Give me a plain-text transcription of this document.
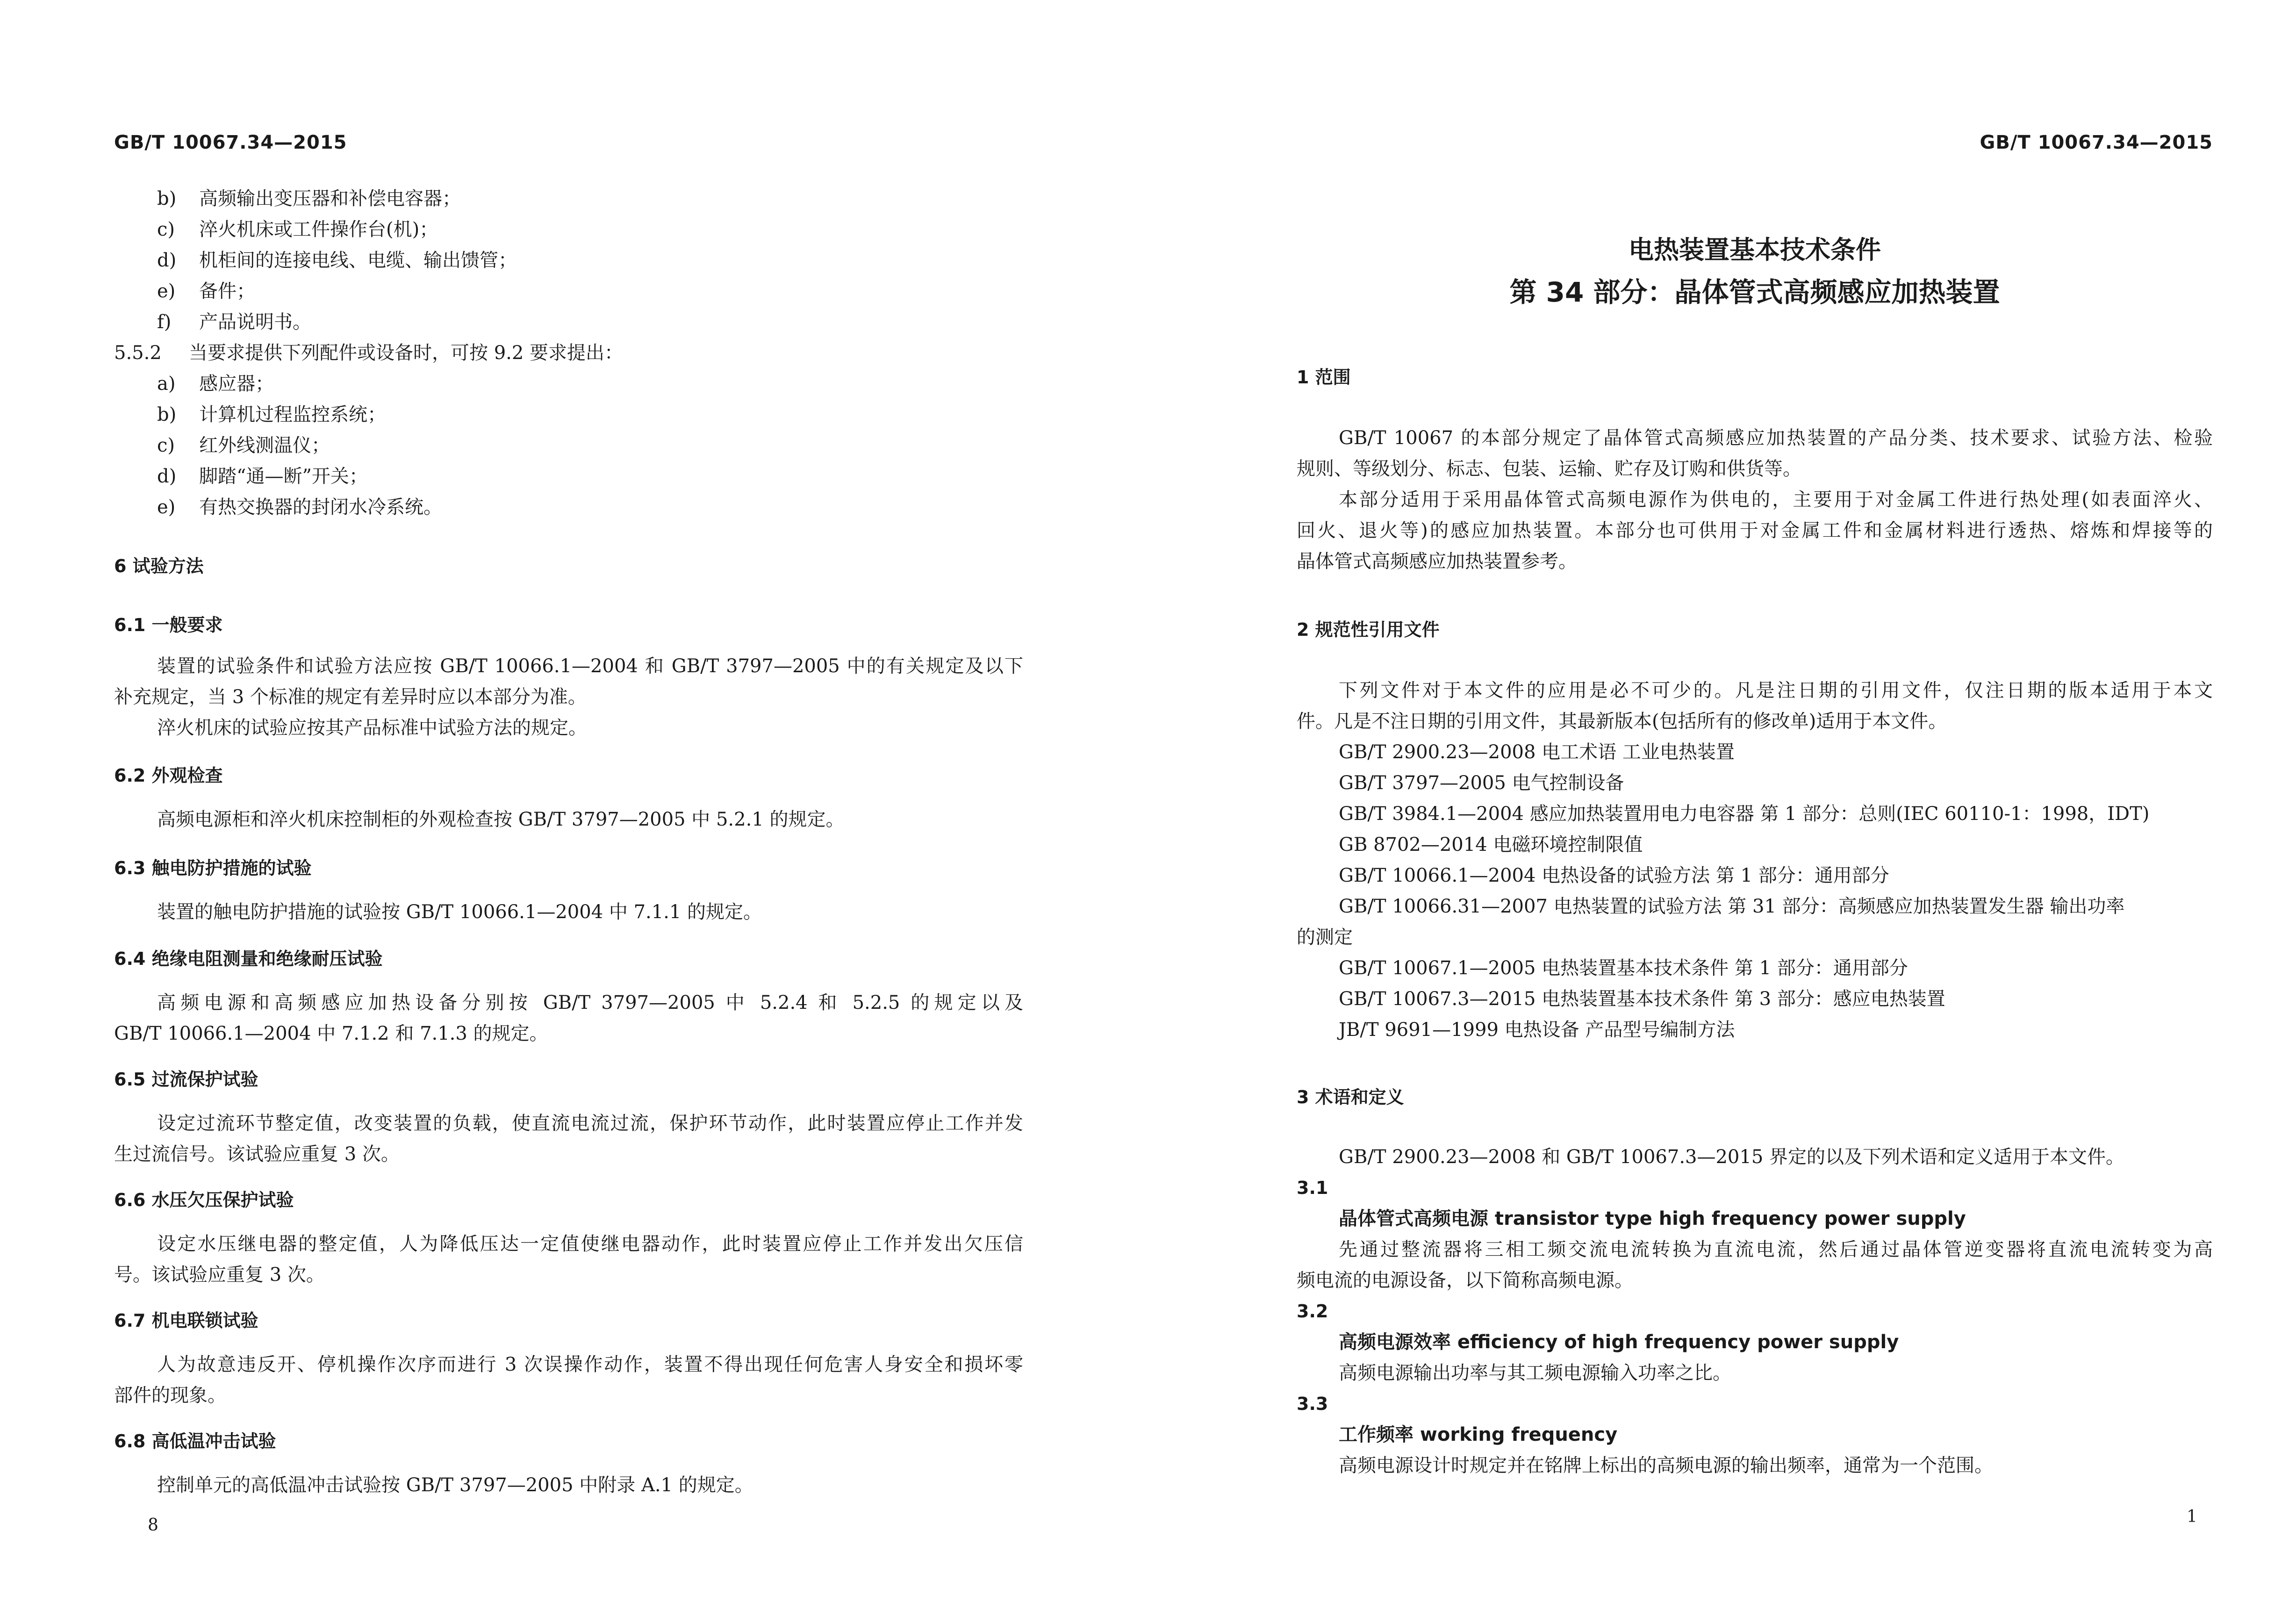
GB/T 10067.34—2015
b) 高频输出变压器和补偿电容器；
c) 淬火机床或工件操作台(机)；
d) 机柜间的连接电线、电缆、输出馈管；
e) 备件；
f) 产品说明书。
5.5.2 当要求提供下列配件或设备时，可按 9.2 要求提出：
a) 感应器；
b) 计算机过程监控系统；
c) 红外线测温仪；
d) 脚踏“通—断”开关；
e) 有热交换器的封闭水冷系统。
6 试验方法
6.1 一般要求
装置的试验条件和试验方法应按 GB/T 10066.1—2004 和 GB/T 3797—2005 中的有关规定及以下
补充规定，当 3 个标准的规定有差异时应以本部分为准。
淬火机床的试验应按其产品标准中试验方法的规定。
6.2 外观检查
高频电源柜和淬火机床控制柜的外观检查按 GB/T 3797—2005 中 5.2.1 的规定。
6.3 触电防护措施的试验
装置的触电防护措施的试验按 GB/T 10066.1—2004 中 7.1.1 的规定。
6.4 绝缘电阻测量和绝缘耐压试验
高频电源和高频感应加热设备分别按 GB/T 3797—2005 中 5.2.4 和 5.2.5 的规定以及
GB/T 10066.1—2004 中 7.1.2 和 7.1.3 的规定。
6.5 过流保护试验
设定过流环节整定值，改变装置的负载，使直流电流过流，保护环节动作，此时装置应停止工作并发
生过流信号。该试验应重复 3 次。
6.6 水压欠压保护试验
设定水压继电器的整定值，人为降低压达一定值使继电器动作，此时装置应停止工作并发出欠压信
号。该试验应重复 3 次。
6.7 机电联锁试验
人为故意违反开、停机操作次序而进行 3 次误操作动作，装置不得出现任何危害人身安全和损坏零
部件的现象。
6.8 高低温冲击试验
控制单元的高低温冲击试验按 GB/T 3797—2005 中附录 A.1 的规定。
8
GB/T 10067.34—2015
电热装置基本技术条件
第 34 部分：晶体管式高频感应加热装置
1 范围
GB/T 10067 的本部分规定了晶体管式高频感应加热装置的产品分类、技术要求、试验方法、检验
规则、等级划分、标志、包装、运输、贮存及订购和供货等。
本部分适用于采用晶体管式高频电源作为供电的，主要用于对金属工件进行热处理(如表面淬火、
回火、退火等)的感应加热装置。本部分也可供用于对金属工件和金属材料进行透热、熔炼和焊接等的
晶体管式高频感应加热装置参考。
2 规范性引用文件
下列文件对于本文件的应用是必不可少的。凡是注日期的引用文件，仅注日期的版本适用于本文
件。凡是不注日期的引用文件，其最新版本(包括所有的修改单)适用于本文件。
GB/T 2900.23—2008 电工术语 工业电热装置
GB/T 3797—2005 电气控制设备
GB/T 3984.1—2004 感应加热装置用电力电容器 第 1 部分：总则(IEC 60110-1：1998，IDT)
GB 8702—2014 电磁环境控制限值
GB/T 10066.1—2004 电热设备的试验方法 第 1 部分：通用部分
GB/T 10066.31—2007 电热装置的试验方法 第 31 部分：高频感应加热装置发生器 输出功率
的测定
GB/T 10067.1—2005 电热装置基本技术条件 第 1 部分：通用部分
GB/T 10067.3—2015 电热装置基本技术条件 第 3 部分：感应电热装置
JB/T 9691—1999 电热设备 产品型号编制方法
3 术语和定义
GB/T 2900.23—2008 和 GB/T 10067.3—2015 界定的以及下列术语和定义适用于本文件。
3.1
晶体管式高频电源 transistor type high frequency power supply
先通过整流器将三相工频交流电流转换为直流电流，然后通过晶体管逆变器将直流电流转变为高
频电流的电源设备，以下简称高频电源。
3.2
高频电源效率 efficiency of high frequency power supply
高频电源输出功率与其工频电源输入功率之比。
3.3
工作频率 working frequency
高频电源设计时规定并在铭牌上标出的高频电源的输出频率，通常为一个范围。
1
